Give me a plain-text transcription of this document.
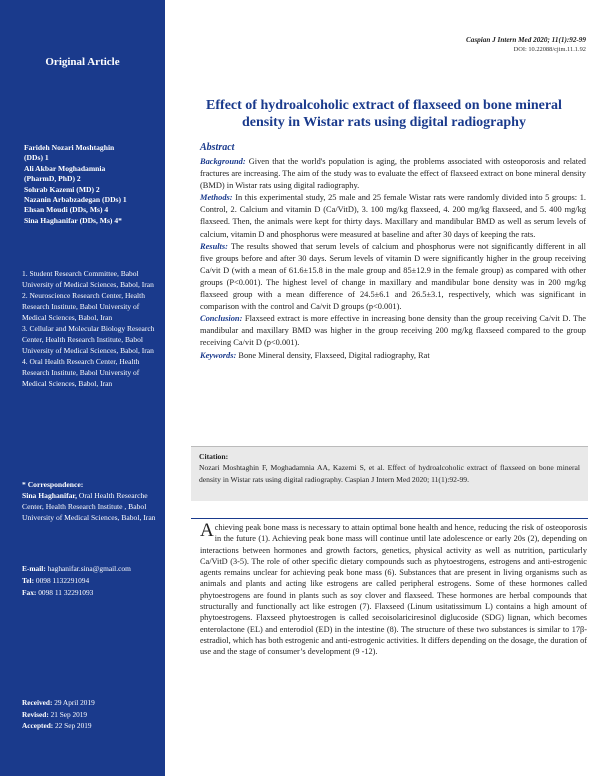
Original Article
Farideh Nozari Moshtaghin
(DDs) 1
Ali Akbar Moghadamnia
(PharmD, PhD) 2
Sohrab Kazemi (MD) 2
Nazanin Arbabzadegan (DDs) 1
Ehsan Moudi (DDs, Ms) 4
Sina Haghanifar (DDs, Ms) 4*
1. Student Research Committee, Babol University of Medical Sciences, Babol, Iran
2. Neuroscience Research Center, Health Research Institute, Babol University of Medical Sciences, Babol, Iran
3. Cellular and Molecular Biology Research Center, Health Research Institute, Babol University of Medical Sciences, Babol, Iran
4. Oral Health Research Center, Health Research Institute, Babol University of Medical Sciences, Babol, Iran
* Correspondence:
Sina Haghanifar, Oral Health Researche Center, Health Research Institute , Babol University of Medical Sciences, Babol, Iran
E-mail: haghanifar.sina@gmail.com
Tel: 0098 1132291094
Fax: 0098 11 32291093
Received: 29 April 2019
Revised: 21 Sep 2019
Accepted: 22 Sep 2019
Caspian J Intern Med 2020; 11(1):92-99
DOI: 10.22088/cjim.11.1.92
Effect of hydroalcoholic extract of flaxseed on bone mineral density in Wistar rats using digital radiography
Abstract

Background: Given that the world's population is aging, the problems associated with osteoporosis and related fractures are increasing. The aim of the study was to evaluate the effect of flaxseed extract on bone mineral density (BMD) in Wistar rats using digital radiography.

Methods: In this experimental study, 25 male and 25 female Wistar rats were randomly divided into 5 groups: 1. Control, 2. Calcium and vitamin D (Ca/VitD), 3. 100 mg/kg flaxseed, 4. 200 mg/kg flaxseed, and 5. 400 mg/kg flaxseed. Then, the animals were kept for thirty days. Maxillary and mandibular BMD as well as serum levels of calcium, vitamin D and phosphorus were measured at baseline and after 30 days of keeping the rats.

Results: The results showed that serum levels of calcium and phosphorus were not significantly different in all five groups before and after 30 days. Serum levels of vitamin D were significantly higher in the group receiving Ca/vit D (with a mean of 61.6±15.8 in the male group and 85±12.9 in the female group) as compared with other groups (P<0.001). The highest level of change in maxillary and mandibular bone density was in 200 mg/kg flaxseed group with a mean difference of 24.5±6.1 and 26.5±3.1, respectively, which was significant in comparison with the control and Ca/vit D groups (p<0.001).

Conclusion: Flaxseed extract is more effective in increasing bone density than the group receiving Ca/vit D. The mandibular and maxillary BMD was higher in the group receiving 200 mg/kg flaxseed compared to the group receiving Ca/vit D (p<0.001).

Keywords: Bone Mineral density, Flaxseed, Digital radiography, Rat

Citation:
Nozari Moshtaghin F, Moghadamnia AA, Kazemi S, et al. Effect of hydroalcoholic extract of flaxseed on bone mineral density in Wistar rats using digital radiography. Caspian J Intern Med 2020; 11(1):92-99.
Achieving peak bone mass is necessary to attain optimal bone health and hence, reducing the risk of osteoporosis in the future (1). Achieving peak bone mass will continue until late adolescence or early 20s (2), depending on interactions between hormones and growth factors, genetics, physical activity as well as nutrition, particularly Ca/VitD (3-5). The role of other specific dietary compounds such as phytoestrogens, estrogens and anti-estrogenic agents remains unclear for achieving peak bone mass (6). Substances that are present in living organisms such as animals and plants and acting like estrogens are called peripheral estrogens. Some of these hormones called phytoestrogens are found in plants such as soy clover and flaxseed. These hormones are herbal compounds that structurally and functionally act like estrogen (7). Flaxseed (Linum usitatissimum L) contains a high amount of phytoestrogens. Flaxseed phytoestrogen is called secoisolariciresinol diglucoside (SDG) lignan, which becomes enterolactone (EL) and enterodiol (ED) in the intestine (8). The structure of these two substances is similar to 17β-estradiol, which has both estrogenic and anti-estrogenic activities. It differs depending on the dosage, the duration of use and the stage of consumer’s development (9 -12).
